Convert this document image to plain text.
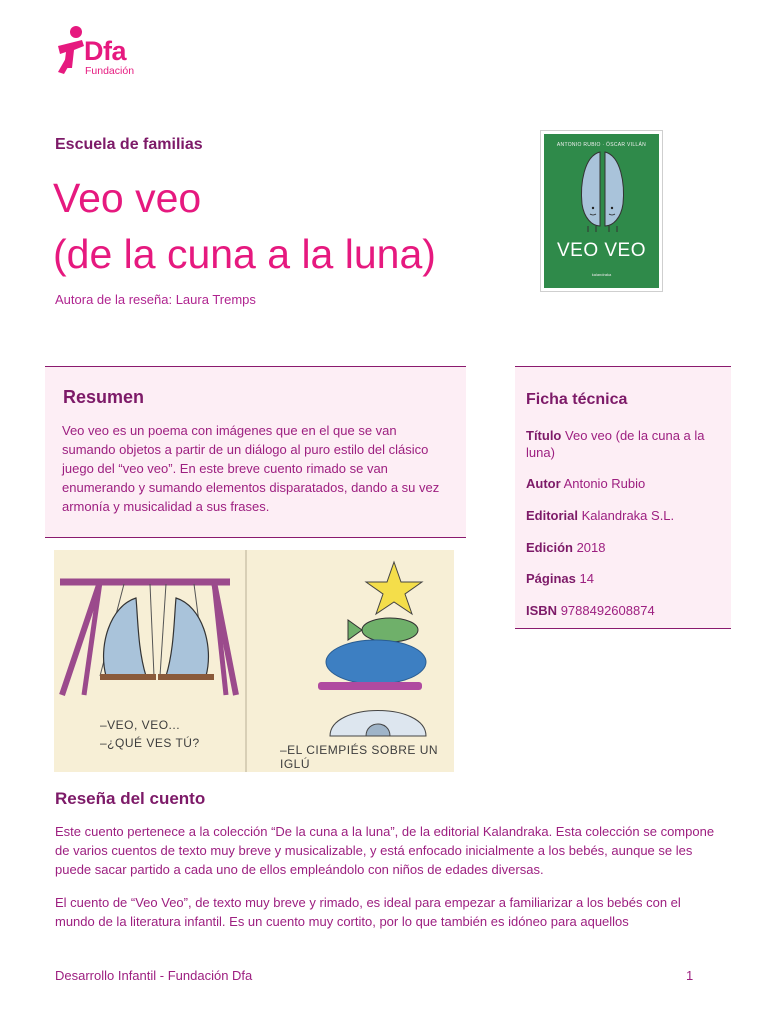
Dfa
Fundación
Escuela de familias
Veo veo
(de la cuna a la luna)
Autora de la reseña: Laura Tremps
ANTONIO RUBIO · ÓSCAR VILLÁN
VEO VEO
kalandraka
Resumen

Veo veo es un poema con imágenes que en el que se van sumando objetos a partir de un diálogo al puro estilo del clásico juego del “veo veo”. En este breve cuento rimado se van enumerando y sumando elementos disparatados, dando a su vez armonía y musicalidad a sus frases.

Ficha técnica
Título Veo veo (de la cuna a la luna)
Autor Antonio Rubio
Editorial Kalandraka S.L.
Edición 2018
Páginas 14
ISBN 9788492608874
–VEO, VEO...
–¿QUÉ VES TÚ?	–EL CIEMPIÉS SOBRE UN IGLÚ
Reseña del cuento

Este cuento pertenece a la colección “De la cuna a la luna”, de la editorial Kalandraka. Esta colección se compone de varios cuentos de texto muy breve y musicalizable, y está enfocado inicialmente a los bebés, aunque se les puede sacar partido a cada uno de ellos empleándolo con niños de edades diversas.

El cuento de “Veo Veo”, de texto muy breve y rimado, es ideal para empezar a familiarizar a los bebés con el mundo de la literatura infantil. Es un cuento muy cortito, por lo que también es idóneo para aquellos

Desarrollo Infantil - Fundación Dfa	1
